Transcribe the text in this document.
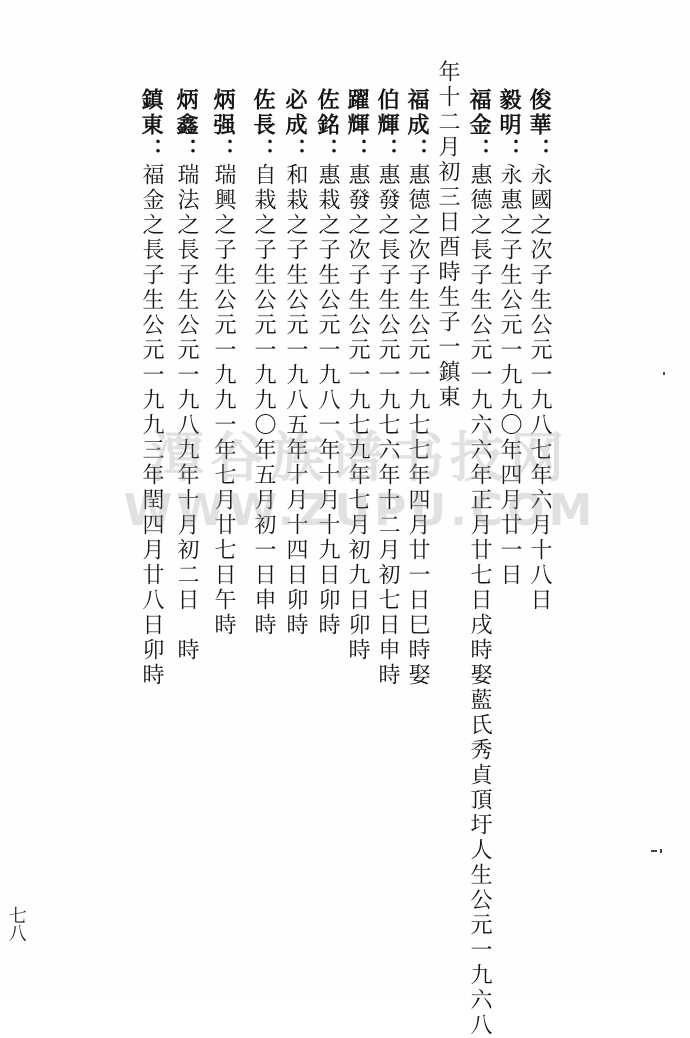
俊華：永國之次子生公元一九八七年六月十八日
毅明：永惠之子生公元一九九〇年四月廿一日
福金：惠德之長子生公元一九六六年正月廿七日戌時娶藍氏秀貞頂圩人生公元一九六八
年十二月初三日酉時生子一鎮東
福成：惠德之次子生公元一九七七年四月廿一日巳時娶
伯輝：惠發之長子生公元一九七六年十二月初七日申時
躍輝：惠發之次子生公元一九七九年七月初九日卯時
佐銘：惠栽之子生公元一九八一年十月十九日卯時
必成：和栽之子生公元一九八五年十月十四日卯時
佐長：自栽之子生公元一九九〇年五月初一日申時
炳强：瑞興之子生公元一九九一年七月廿七日午時
炳鑫：瑞法之長子生公元一九八九年十月初二日　時
鎮東：福金之長子生公元一九九三年閏四月廿八日卯時
潭谷族谱书技网
WWW.ZUPU.COM
七八
